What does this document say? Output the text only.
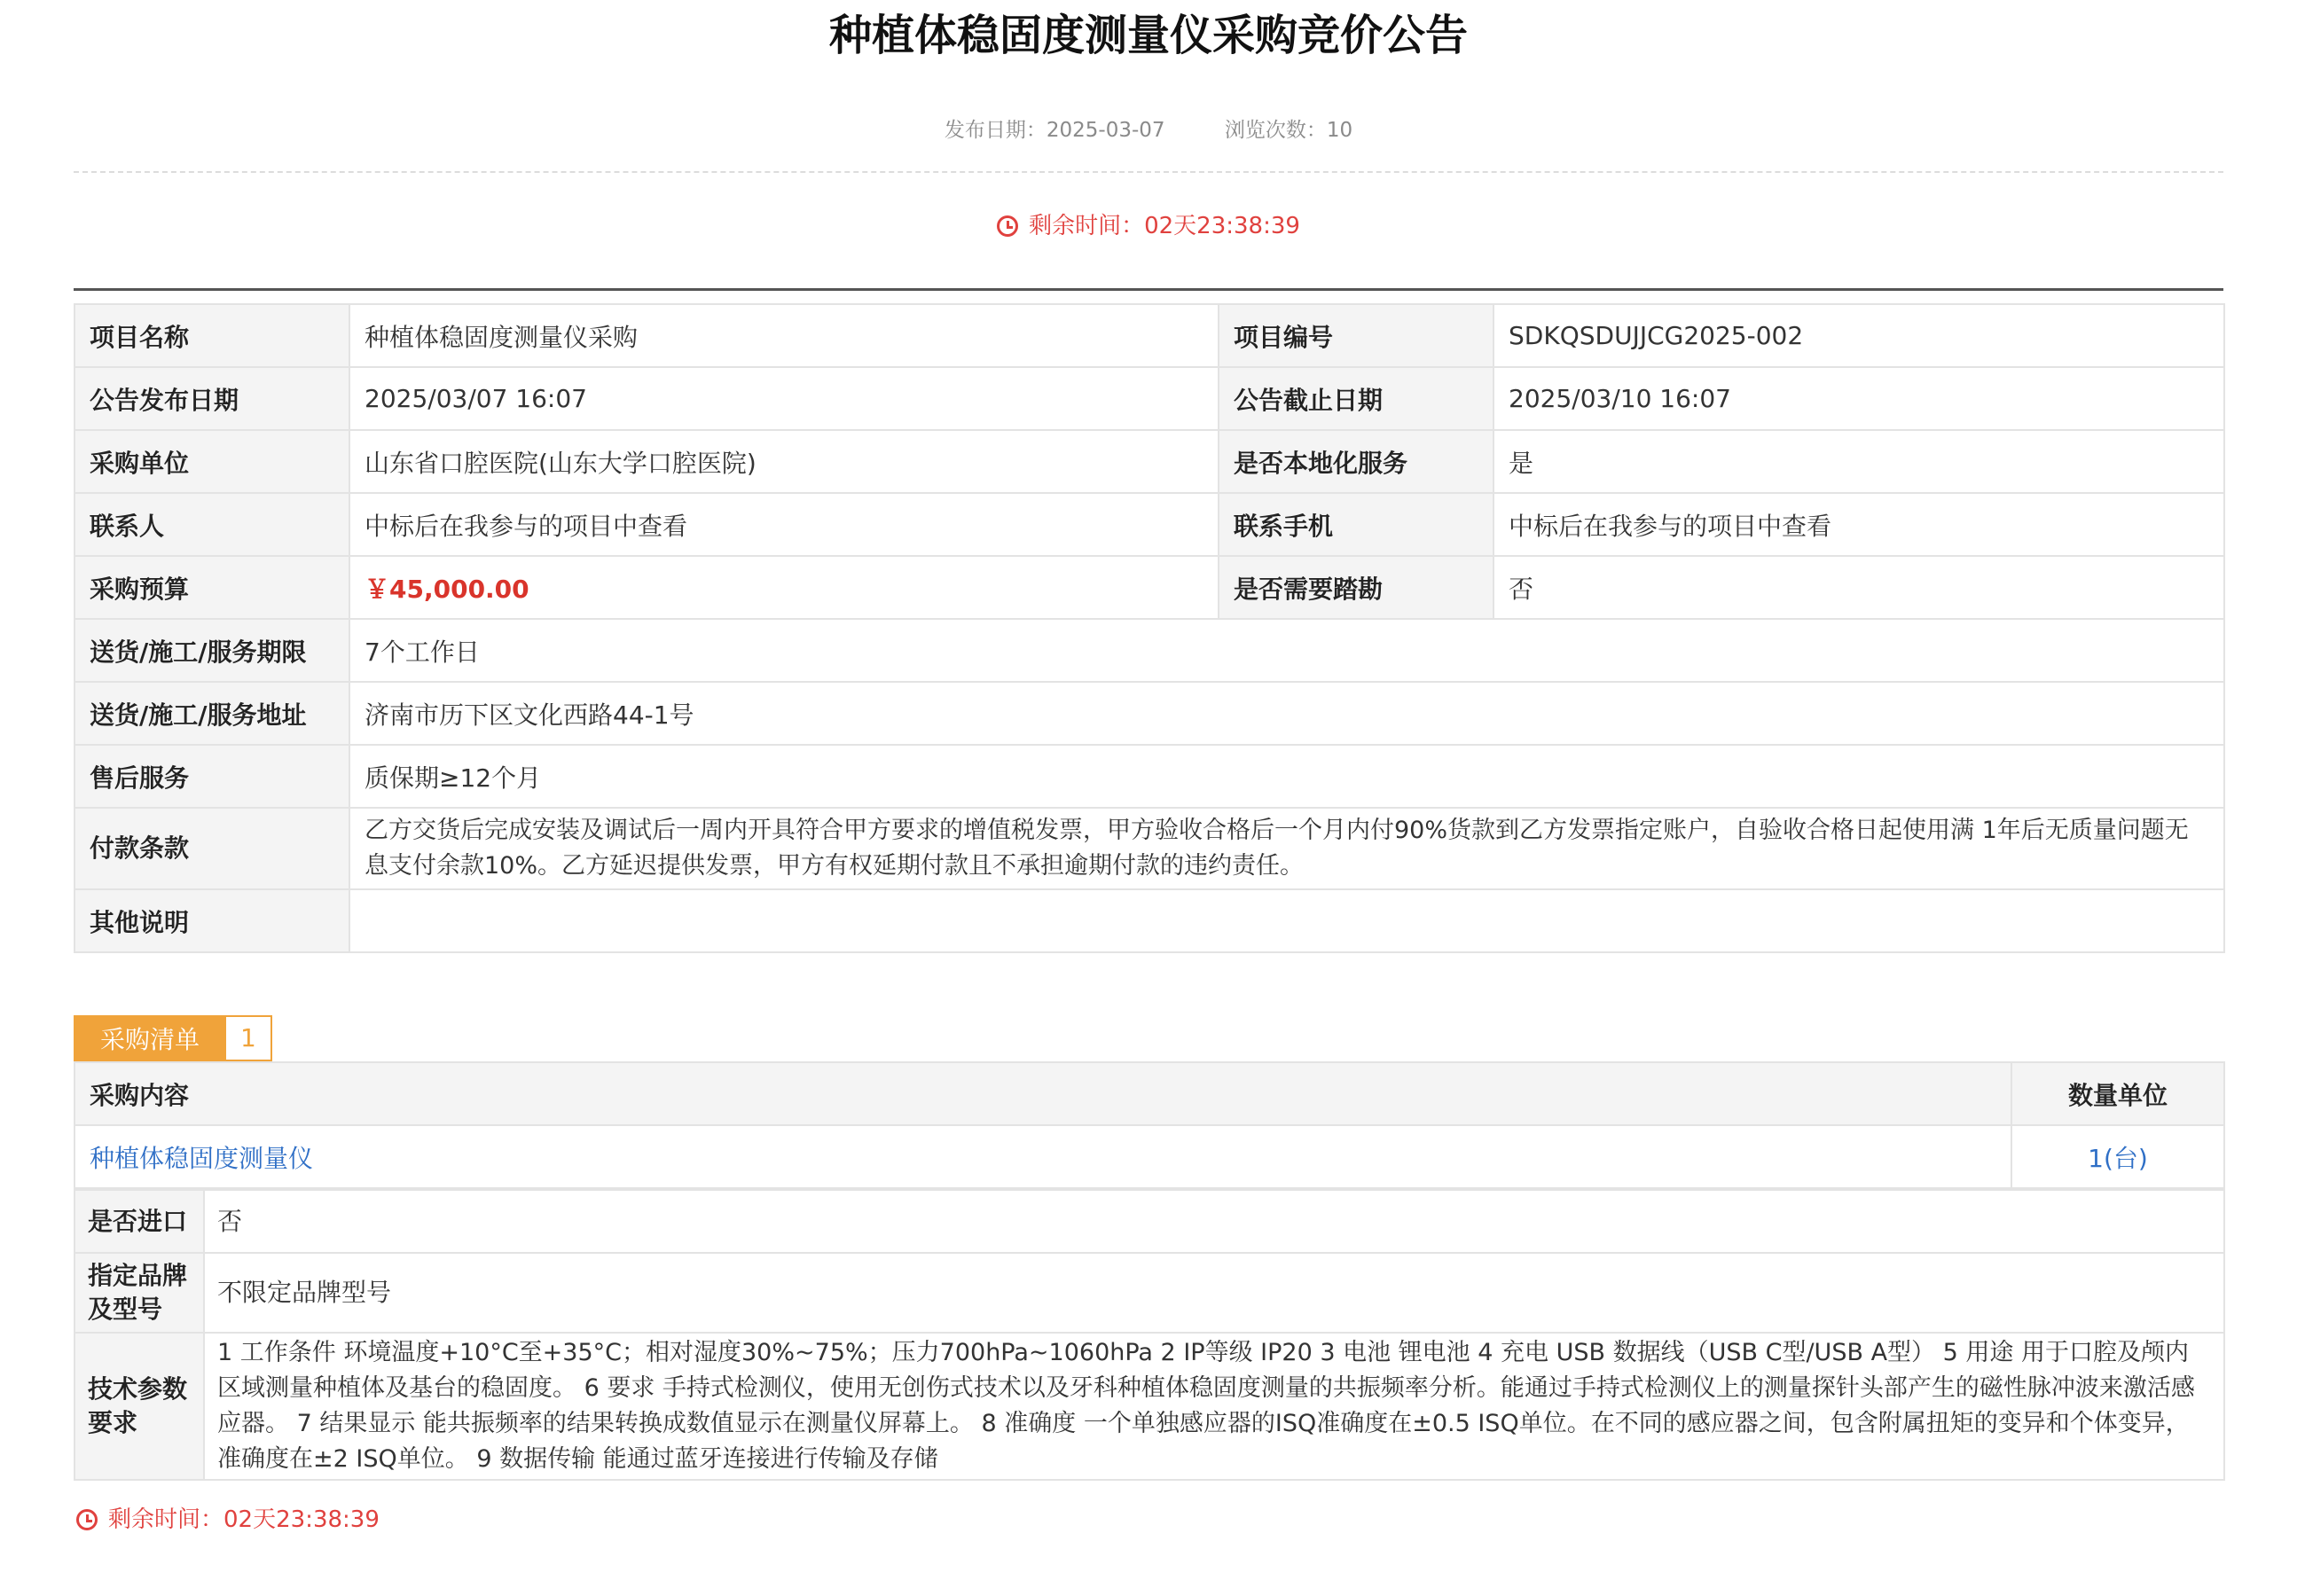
种植体稳固度测量仪采购竞价公告
发布日期：2025-03-07	浏览次数：10
剩余时间：02天23:38:39
项目名称	种植体稳固度测量仪采购	项目编号	SDKQSDUJJCG2025-002
公告发布日期	2025/03/07 16:07	公告截止日期	2025/03/10 16:07
采购单位	山东省口腔医院(山东大学口腔医院)	是否本地化服务	是
联系人	中标后在我参与的项目中查看	联系手机	中标后在我参与的项目中查看
采购预算	￥45,000.00	是否需要踏勘	否
送货/施工/服务期限	7个工作日		
送货/施工/服务地址	济南市历下区文化西路44-1号		
售后服务	质保期≥12个月		
付款条款	乙方交货后完成安装及调试后一周内开具符合甲方要求的增值税发票，甲方验收合格后一个月内付90%货款到乙方发票指定账户，自验收合格日起使用满 1年后无质量问题无息支付余款10%。乙方延迟提供发票，甲方有权延期付款且不承担逾期付款的违约责任。		
其他说明			
采购清单	1
采购内容	数量单位
种植体稳固度测量仪	1(台)
是否进口	否
指定品牌及型号	不限定品牌型号
技术参数要求	1 工作条件 环境温度+10°C至+35°C；相对湿度30%~75%；压力700hPa~1060hPa 2 IP等级 IP20 3 电池 锂电池 4 充电 USB 数据线（USB C型/USB A型） 5 用途 用于口腔及颅内区域测量种植体及基台的稳固度。 6 要求 手持式检测仪，使用无创伤式技术以及牙科种植体稳固度测量的共振频率分析。能通过手持式检测仪上的测量探针头部产生的磁性脉冲波来激活感应器。 7 结果显示 能共振频率的结果转换成数值显示在测量仪屏幕上。 8 准确度 一个单独感应器的ISQ准确度在±0.5 ISQ单位。在不同的感应器之间，包含附属扭矩的变异和个体变异，准确度在±2 ISQ单位。 9 数据传输 能通过蓝牙连接进行传输及存储
剩余时间：02天23:38:39
